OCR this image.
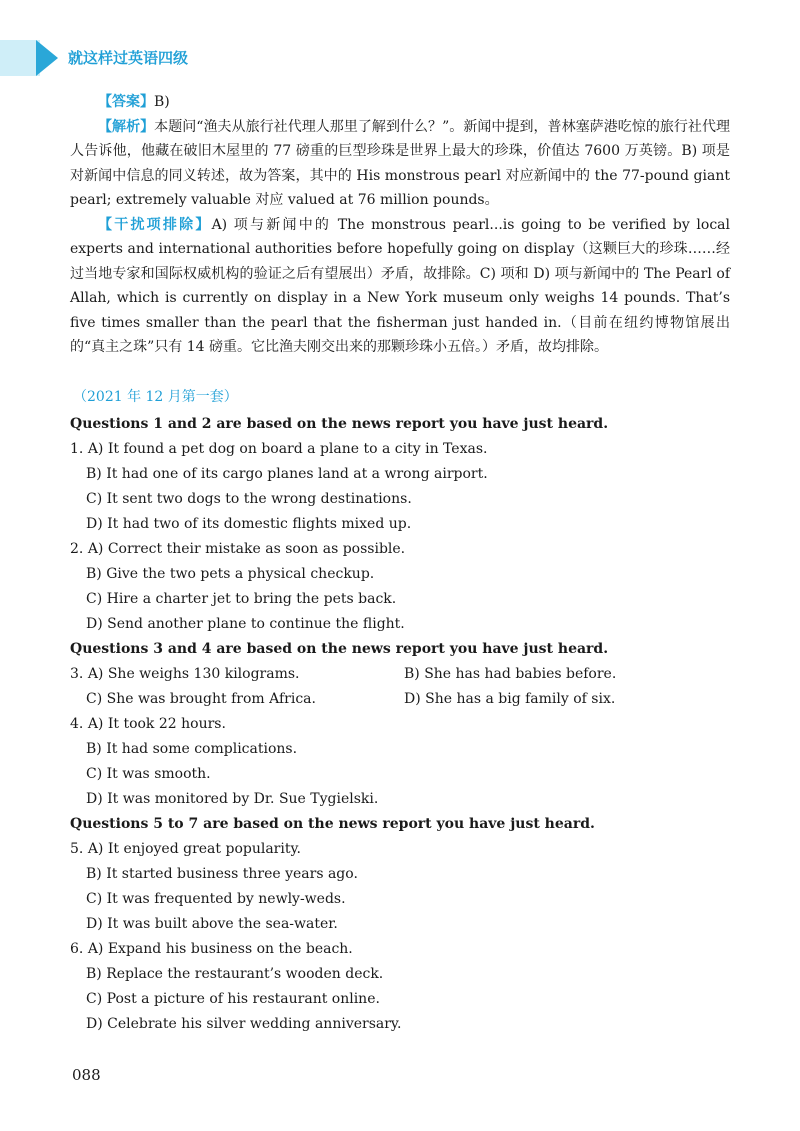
就这样过英语四级

【答案】B)

【解析】本题问“渔夫从旅行社代理人那里了解到什么？”。新闻中提到，普林塞萨港吃惊的旅行社代理人告诉他，他藏在破旧木屋里的 77 磅重的巨型珍珠是世界上最大的珍珠，价值达 7600 万英镑。B) 项是对新闻中信息的同义转述，故为答案，其中的 His monstrous pearl 对应新闻中的 the 77-pound giant pearl; extremely valuable 对应 valued at 76 million pounds。

【干扰项排除】A) 项与新闻中的 The monstrous pearl...is going to be verified by local experts and international authorities before hopefully going on display（这颗巨大的珍珠……经过当地专家和国际权威机构的验证之后有望展出）矛盾，故排除。C) 项和 D) 项与新闻中的 The Pearl of Allah, which is currently on display in a New York museum only weighs 14 pounds. That’s five times smaller than the pearl that the fisherman just handed in.（目前在纽约博物馆展出的“真主之珠”只有 14 磅重。它比渔夫刚交出来的那颗珍珠小五倍。）矛盾，故均排除。

（2021 年 12 月第一套）
Questions 1 and 2 are based on the news report you have just heard.
1. A) It found a pet dog on board a plane to a city in Texas.
B) It had one of its cargo planes land at a wrong airport.
C) It sent two dogs to the wrong destinations.
D) It had two of its domestic flights mixed up.
2. A) Correct their mistake as soon as possible.
B) Give the two pets a physical checkup.
C) Hire a charter jet to bring the pets back.
D) Send another plane to continue the flight.
Questions 3 and 4 are based on the news report you have just heard.
3. A) She weighs 130 kilograms.	B) She has had babies before.
C) She was brought from Africa.	D) She has a big family of six.
4. A) It took 22 hours.
B) It had some complications.
C) It was smooth.
D) It was monitored by Dr. Sue Tygielski.
Questions 5 to 7 are based on the news report you have just heard.
5. A) It enjoyed great popularity.
B) It started business three years ago.
C) It was frequented by newly-weds.
D) It was built above the sea-water.
6. A) Expand his business on the beach.
B) Replace the restaurant’s wooden deck.
C) Post a picture of his restaurant online.
D) Celebrate his silver wedding anniversary.
088
